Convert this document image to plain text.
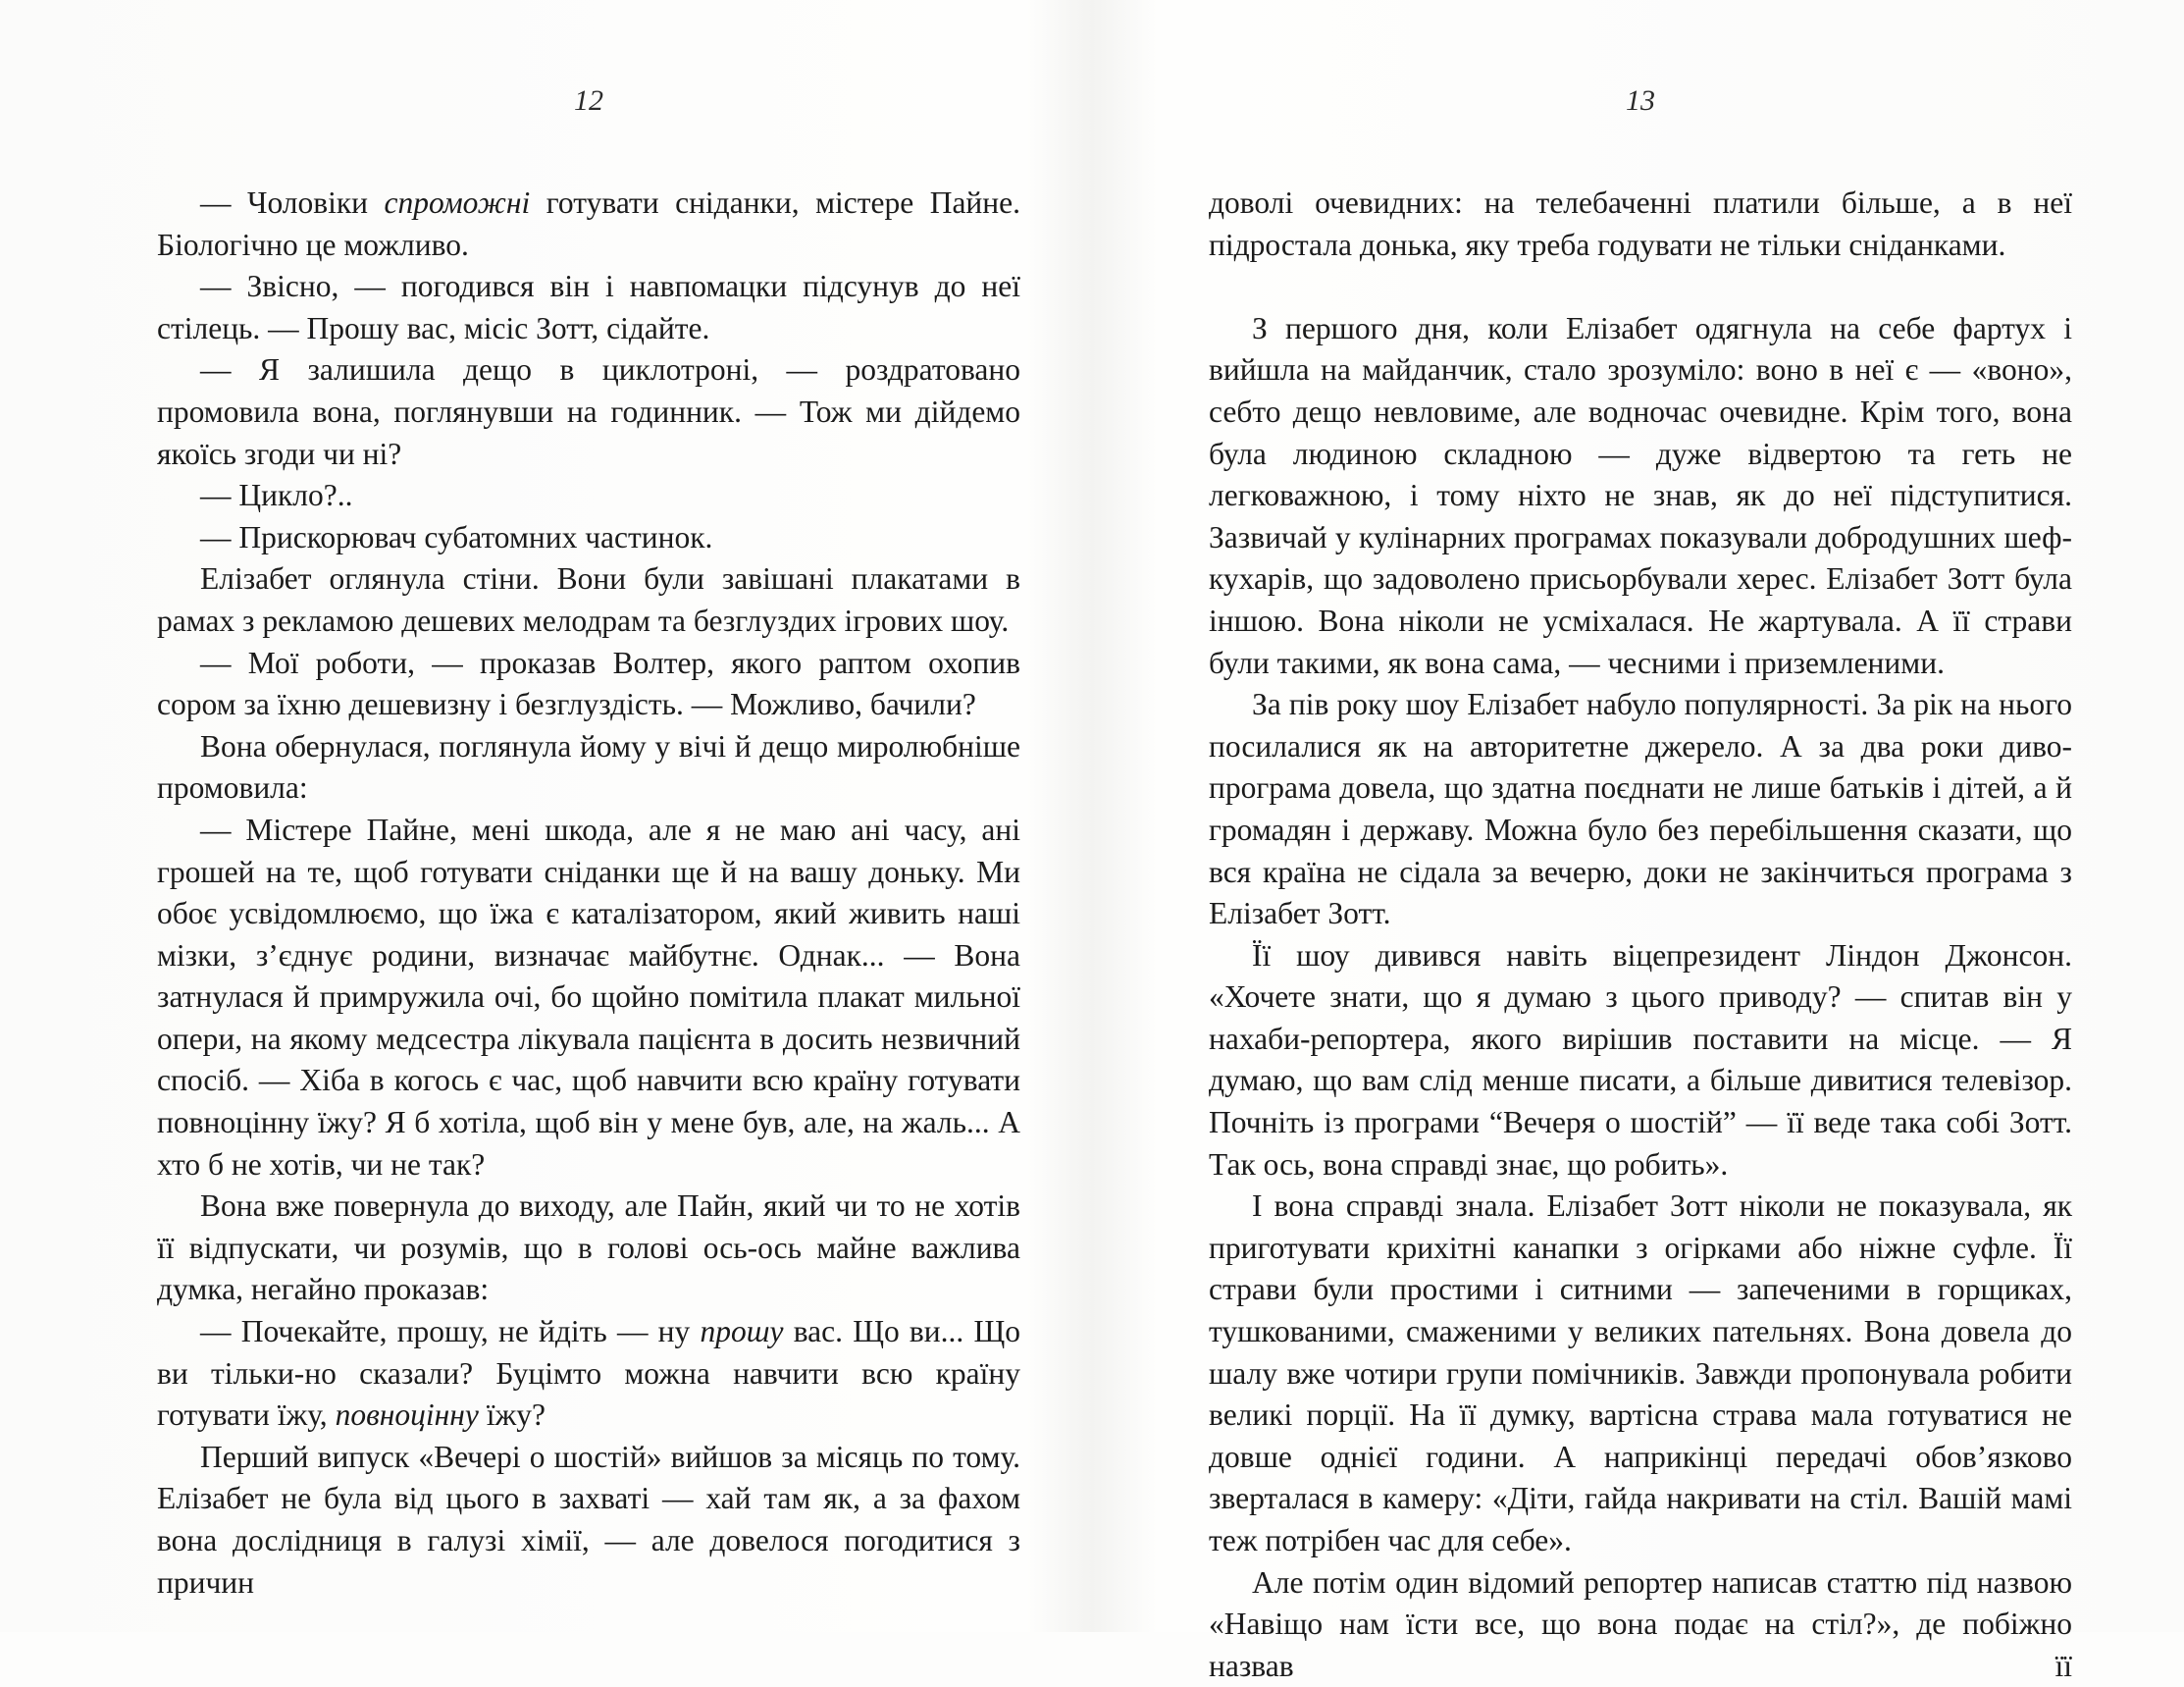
12

— Чоловіки спроможні готувати сніданки, містере Пайне. Біологічно це можливо.

— Звісно, — погодився він і навпомацки підсунув до неї стілець. — Прошу вас, місіс Зотт, сідайте.

— Я залишила дещо в циклотроні, — роздратовано промовила вона, поглянувши на годинник. — Тож ми дійдемо якоїсь згоди чи ні?

— Цикло?..

— Прискорювач субатомних частинок.

Елізабет оглянула стіни. Вони були завішані плакатами в рамах з рекламою дешевих мелодрам та безглуздих ігрових шоу.

— Мої роботи, — проказав Волтер, якого раптом охопив сором за їхню дешевизну і безглуздість. — Можливо, бачили?

Вона обернулася, поглянула йому у вічі й дещо миролюбніше промовила:

— Містере Пайне, мені шкода, але я не маю ані часу, ані грошей на те, щоб готувати сніданки ще й на вашу доньку. Ми обоє усвідомлюємо, що їжа є каталізатором, який живить наші мізки, з’єднує родини, визначає майбутнє. Однак... — Вона затнулася й примружила очі, бо щойно помітила плакат мильної опери, на якому медсестра лікувала пацієнта в досить незвичний спосіб. — Хіба в когось є час, щоб навчити всю країну готувати повноцінну їжу? Я б хотіла, щоб він у мене був, але, на жаль... А хто б не хотів, чи не так?

Вона вже повернула до виходу, але Пайн, який чи то не хотів її відпускати, чи розумів, що в голові ось-ось майне важлива думка, негайно проказав:

— Почекайте, прошу, не йдіть — ну прошу вас. Що ви... Що ви тільки-но сказали? Буцімто можна навчити всю країну готувати їжу, повноцінну їжу?

Перший випуск «Вечері о шостій» вийшов за місяць по тому. Елізабет не була від цього в захваті — хай там як, а за фахом вона дослідниця в галузі хімії, — але довелося погодитися з причин

13

доволі очевидних: на телебаченні платили більше, а в неї підростала донька, яку треба годувати не тільки сніданками.

З першого дня, коли Елізабет одягнула на себе фартух і вийшла на майданчик, стало зрозуміло: воно в неї є — «воно», себто дещо невловиме, але водночас очевидне. Крім того, вона була людиною складною — дуже відвертою та геть не легковажною, і тому ніхто не знав, як до неї підступитися. Зазвичай у кулінарних програмах показували добродушних шеф-кухарів, що задоволено присьорбували херес. Елізабет Зотт була іншою. Вона ніколи не усміхалася. Не жартувала. А її страви були такими, як вона сама, — чесними і приземленими.

За пів року шоу Елізабет набуло популярності. За рік на нього посилалися як на авторитетне джерело. А за два роки диво-програма довела, що здатна поєднати не лише батьків і дітей, а й громадян і державу. Можна було без перебільшення сказати, що вся країна не сідала за вечерю, доки не закінчиться програма з Елізабет Зотт.

Її шоу дивився навіть віцепрезидент Ліндон Джонсон. «Хочете знати, що я думаю з цього приводу? — спитав він у нахаби-репортера, якого вирішив поставити на місце. — Я думаю, що вам слід менше писати, а більше дивитися телевізор. Почніть із програми “Вечеря о шостій” — її веде така собі Зотт. Так ось, вона справді знає, що робить».

І вона справді знала. Елізабет Зотт ніколи не показувала, як приготувати крихітні канапки з огірками або ніжне суфле. Її страви були простими і ситними — запеченими в горщиках, тушкованими, смаженими у великих пательнях. Вона довела до шалу вже чотири групи помічників. Завжди пропонувала робити великі порції. На її думку, вартісна страва мала готуватися не довше однієї години. А наприкінці передачі обов’язково зверталася в камеру: «Діти, гайда накривати на стіл. Вашій мамі теж потрібен час для себе».

Але потім один відомий репортер написав статтю під назвою «Навіщо нам їсти все, що вона подає на стіл?», де побіжно назвав її
